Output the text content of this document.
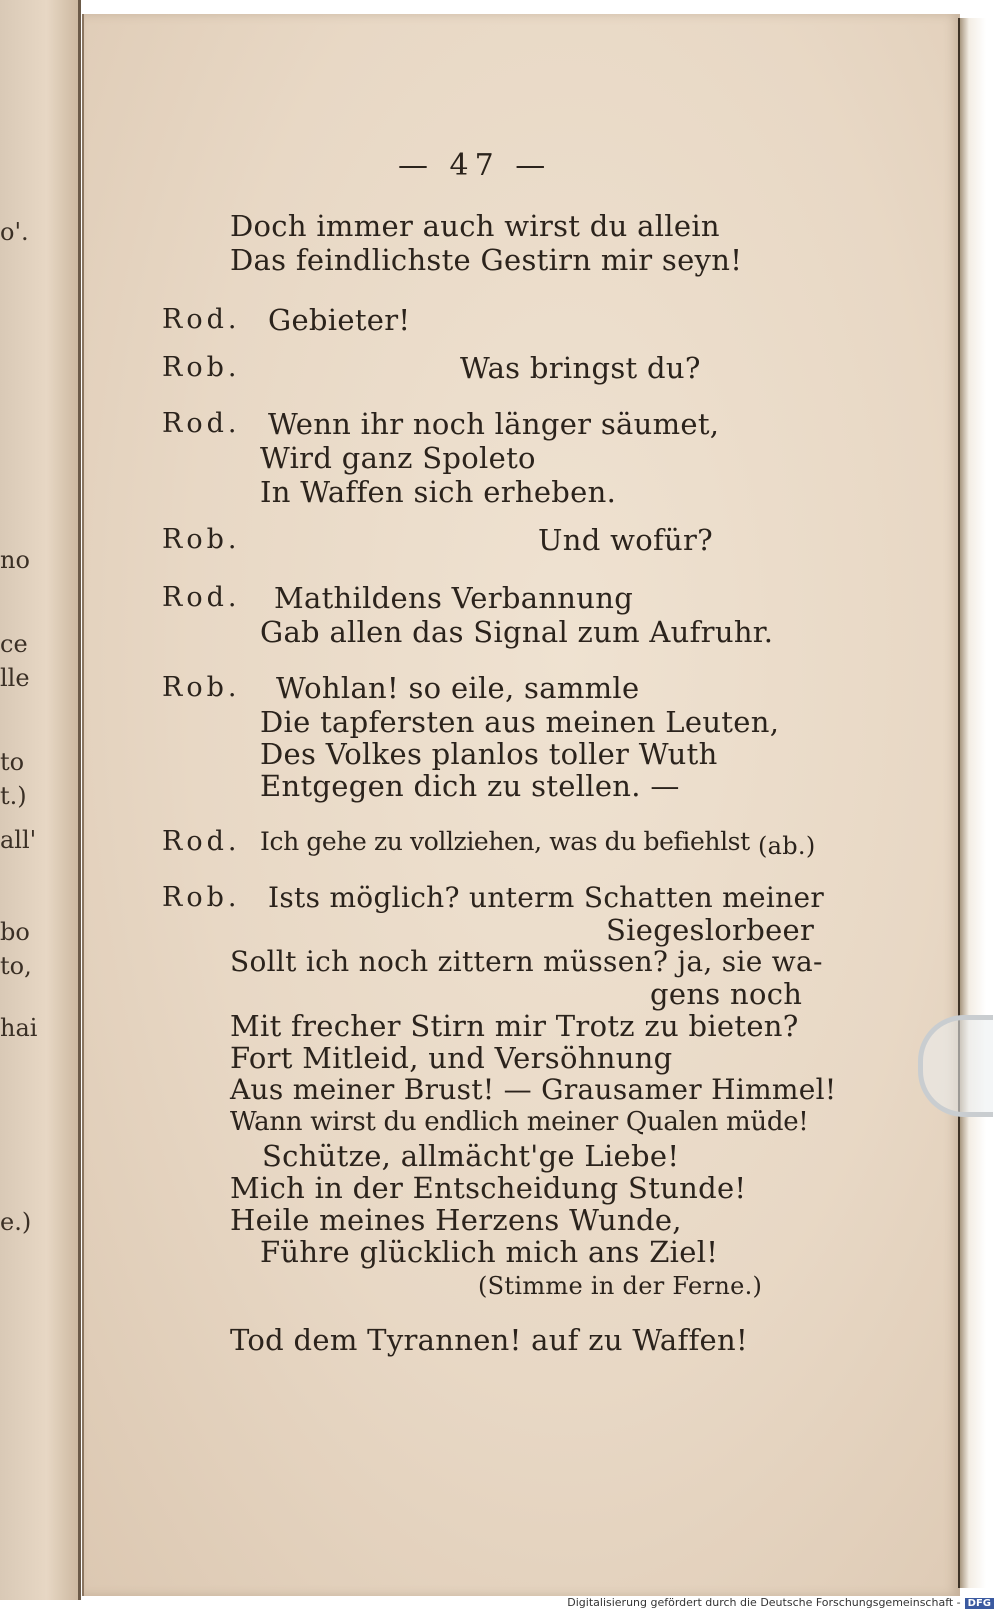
o'.
no
ce
lle
to
t.)
all'
bo
to,
hai
e.)
— 47 —
Doch immer auch wirst du allein
Das feindlichste Gestirn mir seyn!
Rod. Gebieter!
Rob.	Was bringst du?
Rod. Wenn ihr noch länger säumet,
Wird ganz Spoleto
In Waffen sich erheben.
Rob.	Und wofür?
Rod. Mathildens Verbannung
Gab allen das Signal zum Aufruhr.
Rob. Wohlan! so eile, sammle
Die tapfersten aus meinen Leuten,
Des Volkes planlos toller Wuth
Entgegen dich zu stellen. —
Rod. Ich gehe zu vollziehen, was du befiehlst (ab.)
Rob. Ists möglich? unterm Schatten meiner
Siegeslorbeer
Sollt ich noch zittern müssen? ja, sie wa-
gens noch
Mit frecher Stirn mir Trotz zu bieten?
Fort Mitleid, und Versöhnung
Aus meiner Brust! — Grausamer Himmel!
Wann wirst du endlich meiner Qualen müde!
Schütze, allmächt'ge Liebe!
Mich in der Entscheidung Stunde!
Heile meines Herzens Wunde,
Führe glücklich mich ans Ziel!
(Stimme in der Ferne.)
Tod dem Tyrannen! auf zu Waffen!
Digitalisierung gefördert durch die Deutsche Forschungsgemeinschaft - DFG
